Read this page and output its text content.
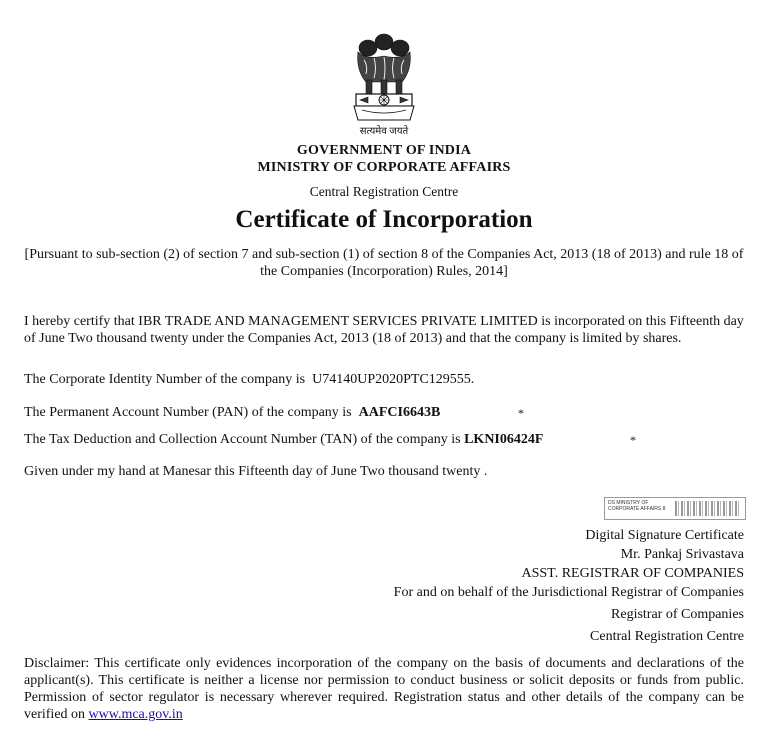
सत्यमेव जयते
GOVERNMENT OF INDIA
MINISTRY OF CORPORATE AFFAIRS
Central Registration Centre
Certificate of Incorporation
[Pursuant to sub-section (2) of section 7 and sub-section (1) of section 8 of the Companies Act, 2013 (18 of 2013) and rule 18 of the Companies (Incorporation) Rules, 2014]
I hereby certify that IBR TRADE AND MANAGEMENT SERVICES PRIVATE LIMITED is incorporated on this Fifteenth day of June Two thousand twenty under the Companies Act, 2013 (18 of 2013) and that the company is limited by shares.
The Corporate Identity Number of the company is U74140UP2020PTC129555.
The Permanent Account Number (PAN) of the company is AAFCI6643B	*
The Tax Deduction and Collection Account Number (TAN) of the company is LKNI06424F	*
Given under my hand at Manesar this Fifteenth day of June Two thousand twenty .
DS MINISTRY OF CORPORATE AFFAIRS 8
Digital Signature Certificate
Mr. Pankaj Srivastava
ASST. REGISTRAR OF COMPANIES
For and on behalf of the Jurisdictional Registrar of Companies
Registrar of Companies
Central Registration Centre
Disclaimer: This certificate only evidences incorporation of the company on the basis of documents and declarations of the applicant(s). This certificate is neither a license nor permission to conduct business or solicit deposits or funds from public. Permission of sector regulator is necessary wherever required. Registration status and other details of the company can be verified on www.mca.gov.in
